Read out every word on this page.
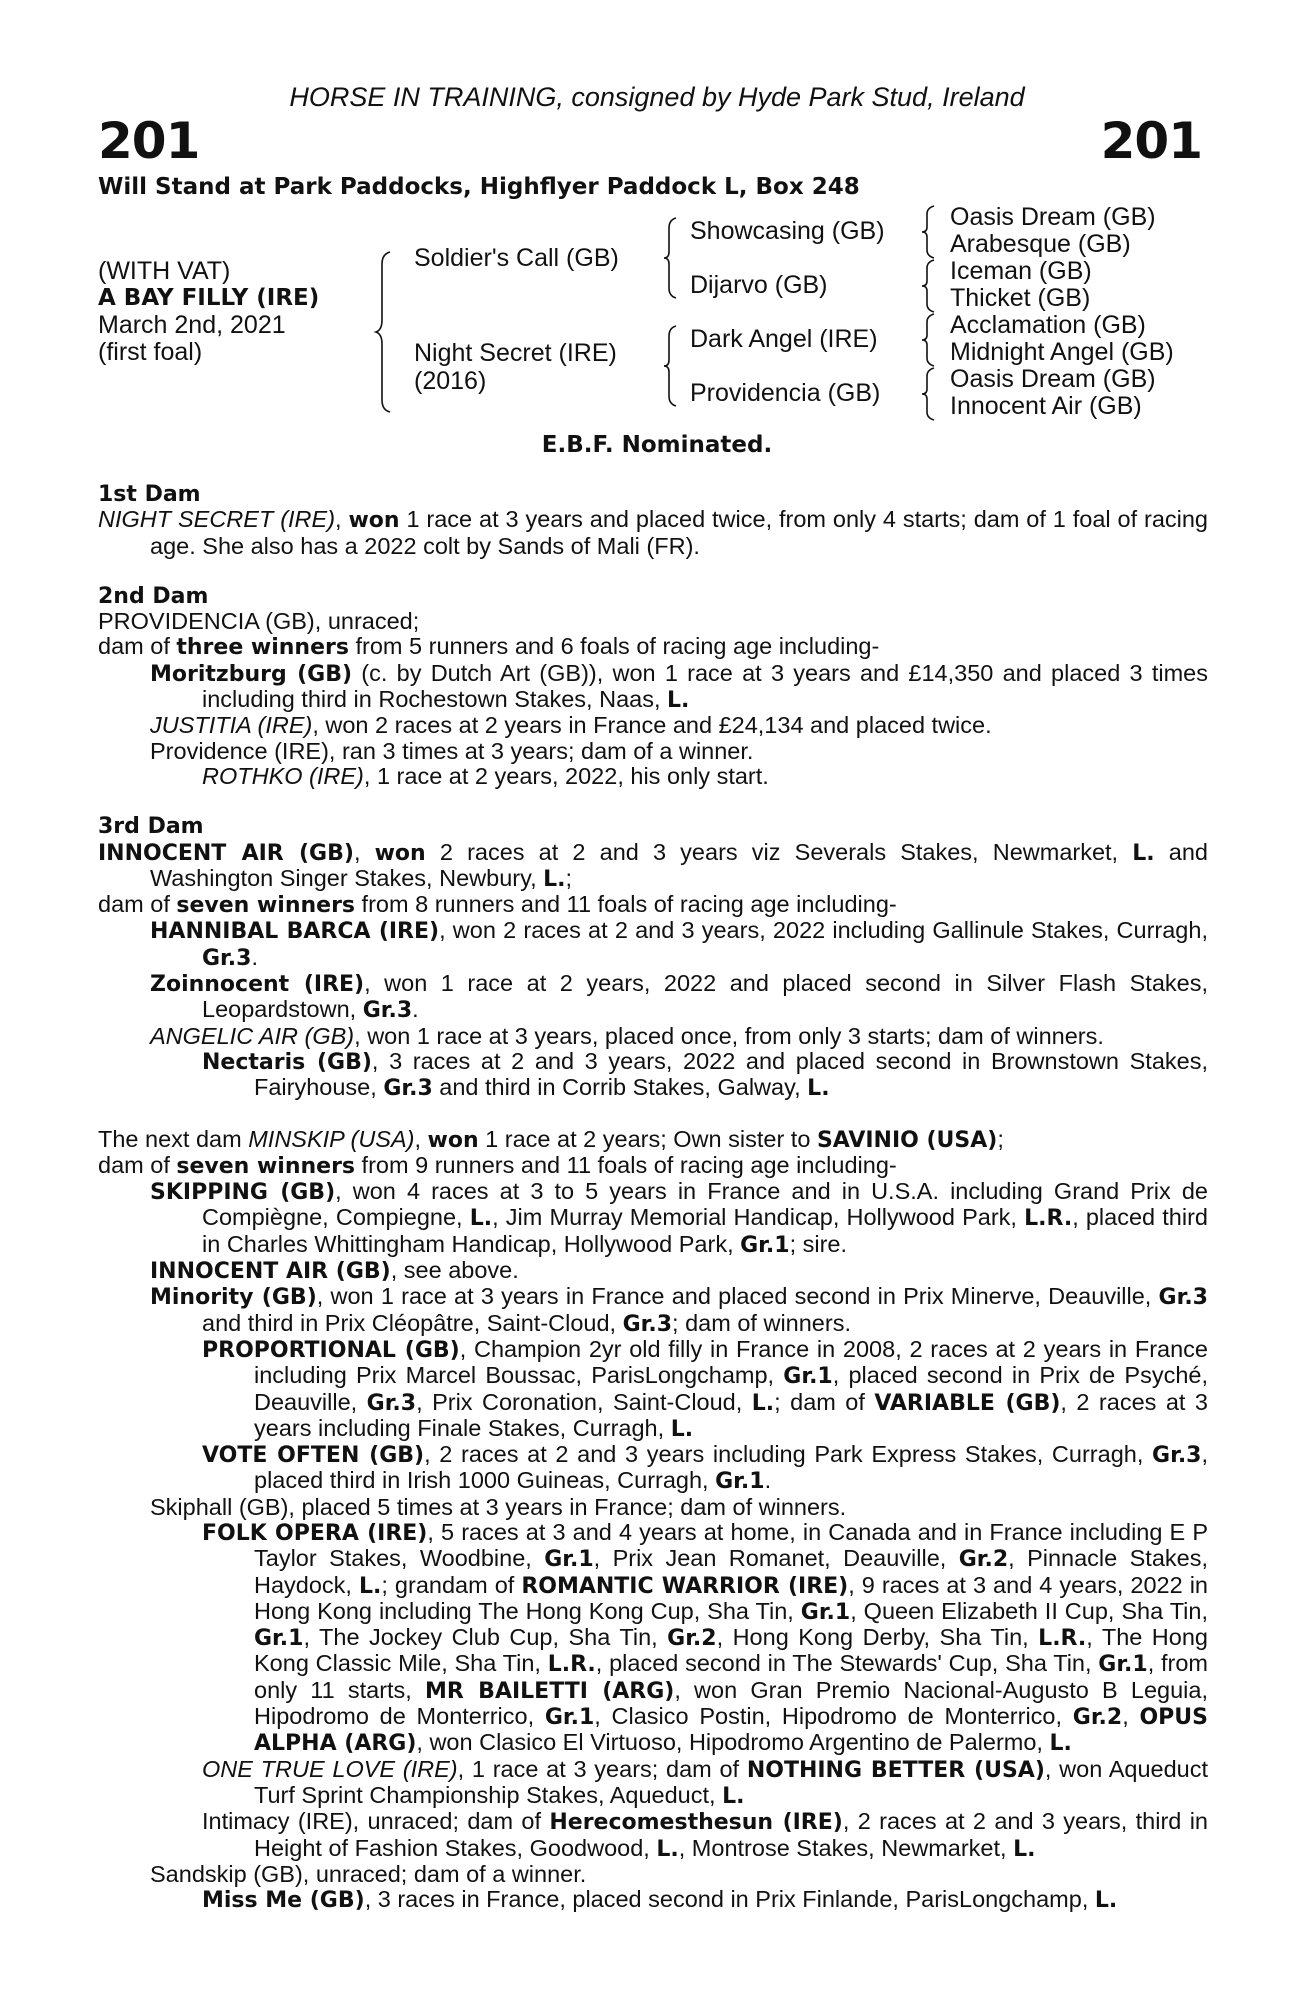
HORSE IN TRAINING, consigned by Hyde Park Stud, Ireland
201	201
Will Stand at Park Paddocks, Highflyer Paddock L, Box 248
(WITH VAT)
A BAY FILLY (IRE)
March 2nd, 2021
(first foal)
Soldier's Call (GB)
Night Secret (IRE)
(2016)
Showcasing (GB)
Dijarvo (GB)
Dark Angel (IRE)
Providencia (GB)
Oasis Dream (GB)
Arabesque (GB)
Iceman (GB)
Thicket (GB)
Acclamation (GB)
Midnight Angel (GB)
Oasis Dream (GB)
Innocent Air (GB)
E.B.F. Nominated.
1st Dam

NIGHT SECRET (IRE), won 1 race at 3 years and placed twice, from only 4 starts; dam of 1 foal of racing age. She also has a 2022 colt by Sands of Mali (FR).

2nd Dam

PROVIDENCIA (GB), unraced;

dam of three winners from 5 runners and 6 foals of racing age including-

Moritzburg (GB) (c. by Dutch Art (GB)), won 1 race at 3 years and £14,350 and placed 3 times including third in Rochestown Stakes, Naas, L.

JUSTITIA (IRE), won 2 races at 2 years in France and £24,134 and placed twice.

Providence (IRE), ran 3 times at 3 years; dam of a winner.

ROTHKO (IRE), 1 race at 2 years, 2022, his only start.

3rd Dam

INNOCENT AIR (GB), won 2 races at 2 and 3 years viz Severals Stakes, Newmarket, L. and Washington Singer Stakes, Newbury, L.;

dam of seven winners from 8 runners and 11 foals of racing age including-

HANNIBAL BARCA (IRE), won 2 races at 2 and 3 years, 2022 including Gallinule Stakes, Curragh, Gr.3.

Zoinnocent (IRE), won 1 race at 2 years, 2022 and placed second in Silver Flash Stakes, Leopardstown, Gr.3.

ANGELIC AIR (GB), won 1 race at 3 years, placed once, from only 3 starts; dam of winners.

Nectaris (GB), 3 races at 2 and 3 years, 2022 and placed second in Brownstown Stakes, Fairyhouse, Gr.3 and third in Corrib Stakes, Galway, L.

The next dam MINSKIP (USA), won 1 race at 2 years; Own sister to SAVINIO (USA);

dam of seven winners from 9 runners and 11 foals of racing age including-

SKIPPING (GB), won 4 races at 3 to 5 years in France and in U.S.A. including Grand Prix de Compiègne, Compiegne, L., Jim Murray Memorial Handicap, Hollywood Park, L.R., placed third in Charles Whittingham Handicap, Hollywood Park, Gr.1; sire.

INNOCENT AIR (GB), see above.

Minority (GB), won 1 race at 3 years in France and placed second in Prix Minerve, Deauville, Gr.3 and third in Prix Cléopâtre, Saint-Cloud, Gr.3; dam of winners.

PROPORTIONAL (GB), Champion 2yr old filly in France in 2008, 2 races at 2 years in France including Prix Marcel Boussac, ParisLongchamp, Gr.1, placed second in Prix de Psyché, Deauville, Gr.3, Prix Coronation, Saint-Cloud, L.; dam of VARIABLE (GB), 2 races at 3 years including Finale Stakes, Curragh, L.

VOTE OFTEN (GB), 2 races at 2 and 3 years including Park Express Stakes, Curragh, Gr.3, placed third in Irish 1000 Guineas, Curragh, Gr.1.

Skiphall (GB), placed 5 times at 3 years in France; dam of winners.

FOLK OPERA (IRE), 5 races at 3 and 4 years at home, in Canada and in France including E P Taylor Stakes, Woodbine, Gr.1, Prix Jean Romanet, Deauville, Gr.2, Pinnacle Stakes, Haydock, L.; grandam of ROMANTIC WARRIOR (IRE), 9 races at 3 and 4 years, 2022 in Hong Kong including The Hong Kong Cup, Sha Tin, Gr.1, Queen Elizabeth II Cup, Sha Tin, Gr.1, The Jockey Club Cup, Sha Tin, Gr.2, Hong Kong Derby, Sha Tin, L.R., The Hong Kong Classic Mile, Sha Tin, L.R., placed second in The Stewards' Cup, Sha Tin, Gr.1, from only 11 starts, MR BAILETTI (ARG), won Gran Premio Nacional-Augusto B Leguia, Hipodromo de Monterrico, Gr.1, Clasico Postin, Hipodromo de Monterrico, Gr.2, OPUS ALPHA (ARG), won Clasico El Virtuoso, Hipodromo Argentino de Palermo, L.

ONE TRUE LOVE (IRE), 1 race at 3 years; dam of NOTHING BETTER (USA), won Aqueduct Turf Sprint Championship Stakes, Aqueduct, L.

Intimacy (IRE), unraced; dam of Herecomesthesun (IRE), 2 races at 2 and 3 years, third in Height of Fashion Stakes, Goodwood, L., Montrose Stakes, Newmarket, L.

Sandskip (GB), unraced; dam of a winner.

Miss Me (GB), 3 races in France, placed second in Prix Finlande, ParisLongchamp, L.
